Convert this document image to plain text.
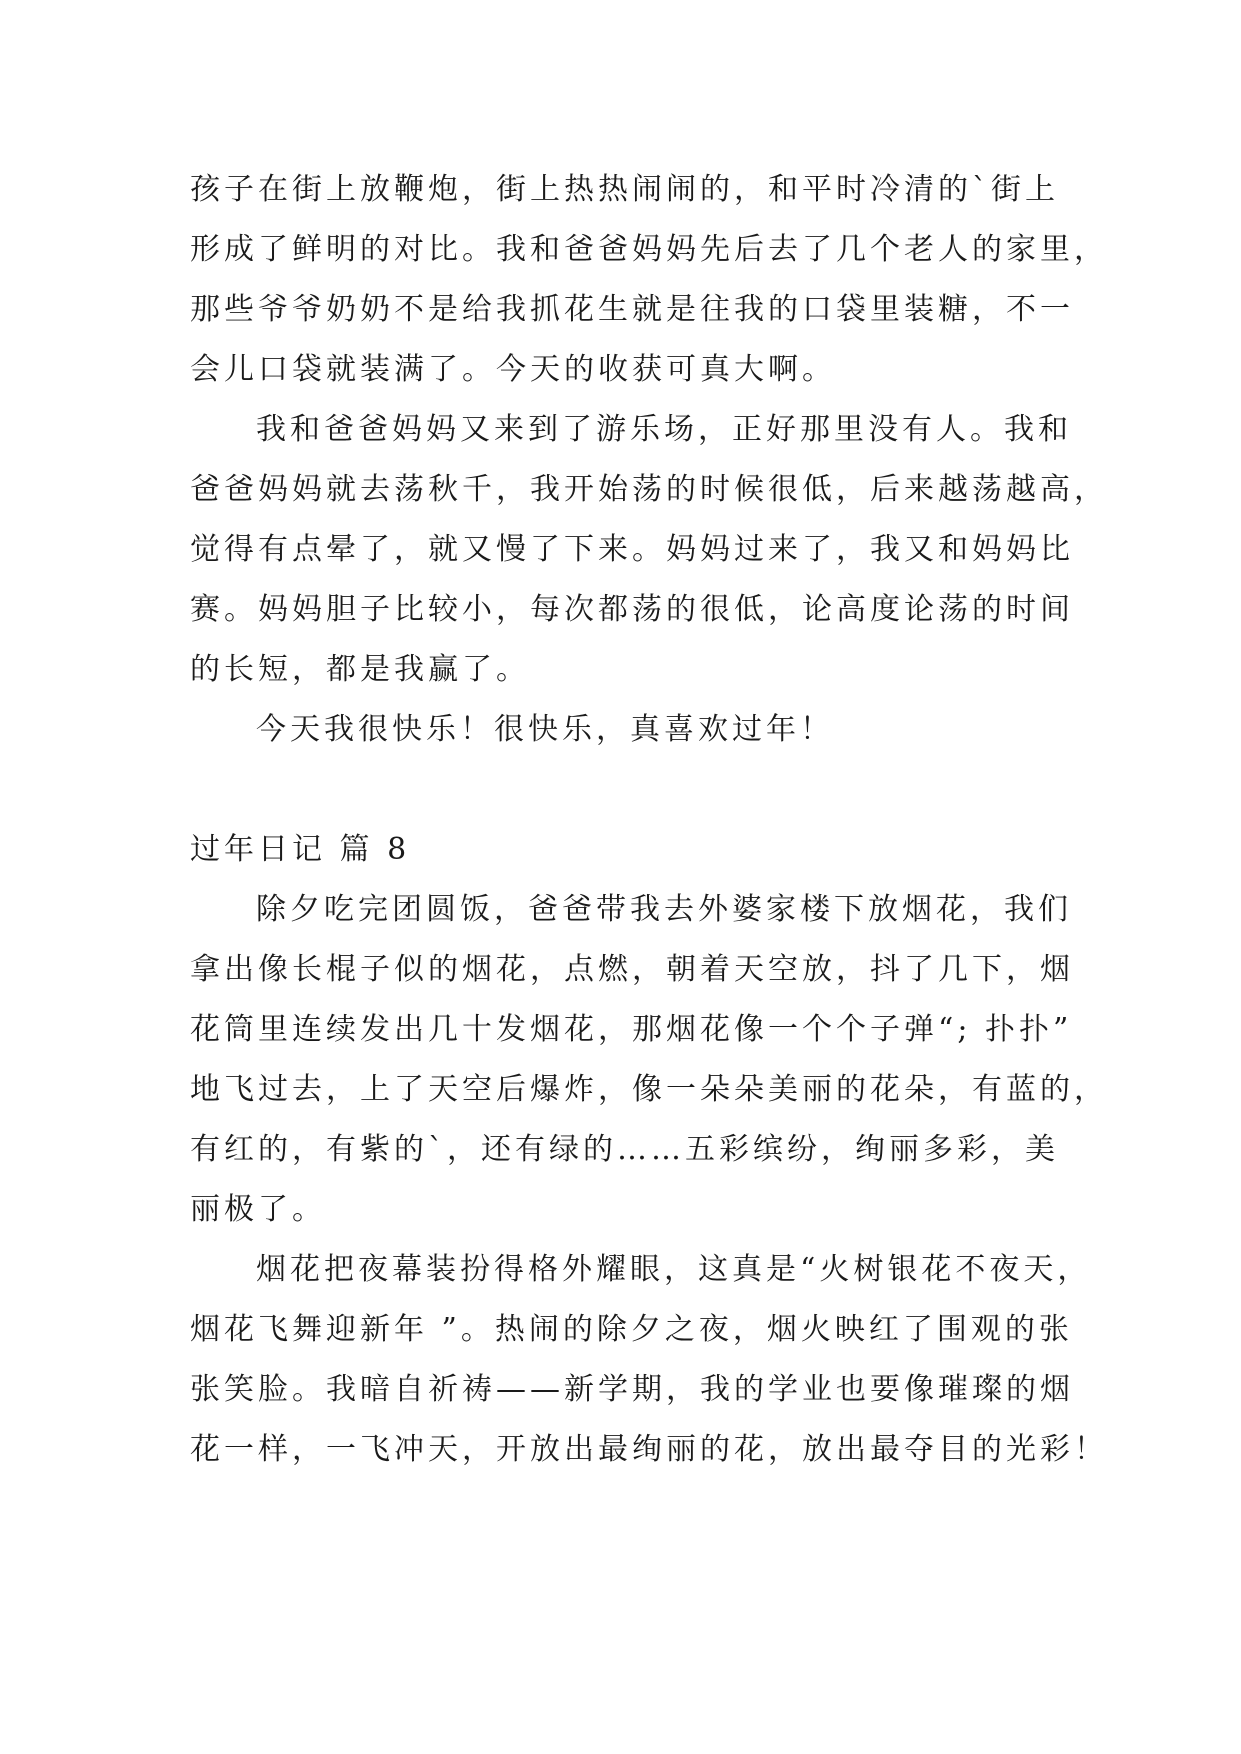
孩子在街上放鞭炮，街上热热闹闹的，和平时冷清的`街上
形成了鲜明的对比。我和爸爸妈妈先后去了几个老人的家里，
那些爷爷奶奶不是给我抓花生就是往我的口袋里装糖，不一
会儿口袋就装满了。今天的收获可真大啊。
我和爸爸妈妈又来到了游乐场，正好那里没有人。我和
爸爸妈妈就去荡秋千，我开始荡的时候很低，后来越荡越高，
觉得有点晕了，就又慢了下来。妈妈过来了，我又和妈妈比
赛。妈妈胆子比较小，每次都荡的很低，论高度论荡的时间
的长短，都是我赢了。
今天我很快乐！很快乐，真喜欢过年！
过年日记 篇 8
除夕吃完团圆饭，爸爸带我去外婆家楼下放烟花，我们
拿出像长棍子似的烟花，点燃，朝着天空放，抖了几下，烟
花筒里连续发出几十发烟花，那烟花像一个个子弹“; 扑扑”
地飞过去，上了天空后爆炸，像一朵朵美丽的花朵，有蓝的，
有红的，有紫的`，还有绿的……五彩缤纷，绚丽多彩，美
丽极了。
烟花把夜幕装扮得格外耀眼，这真是“火树银花不夜天，
烟花飞舞迎新年 ”。热闹的除夕之夜，烟火映红了围观的张
张笑脸。我暗自祈祷——新学期，我的学业也要像璀璨的烟
花一样，一飞冲天，开放出最绚丽的花，放出最夺目的光彩！
